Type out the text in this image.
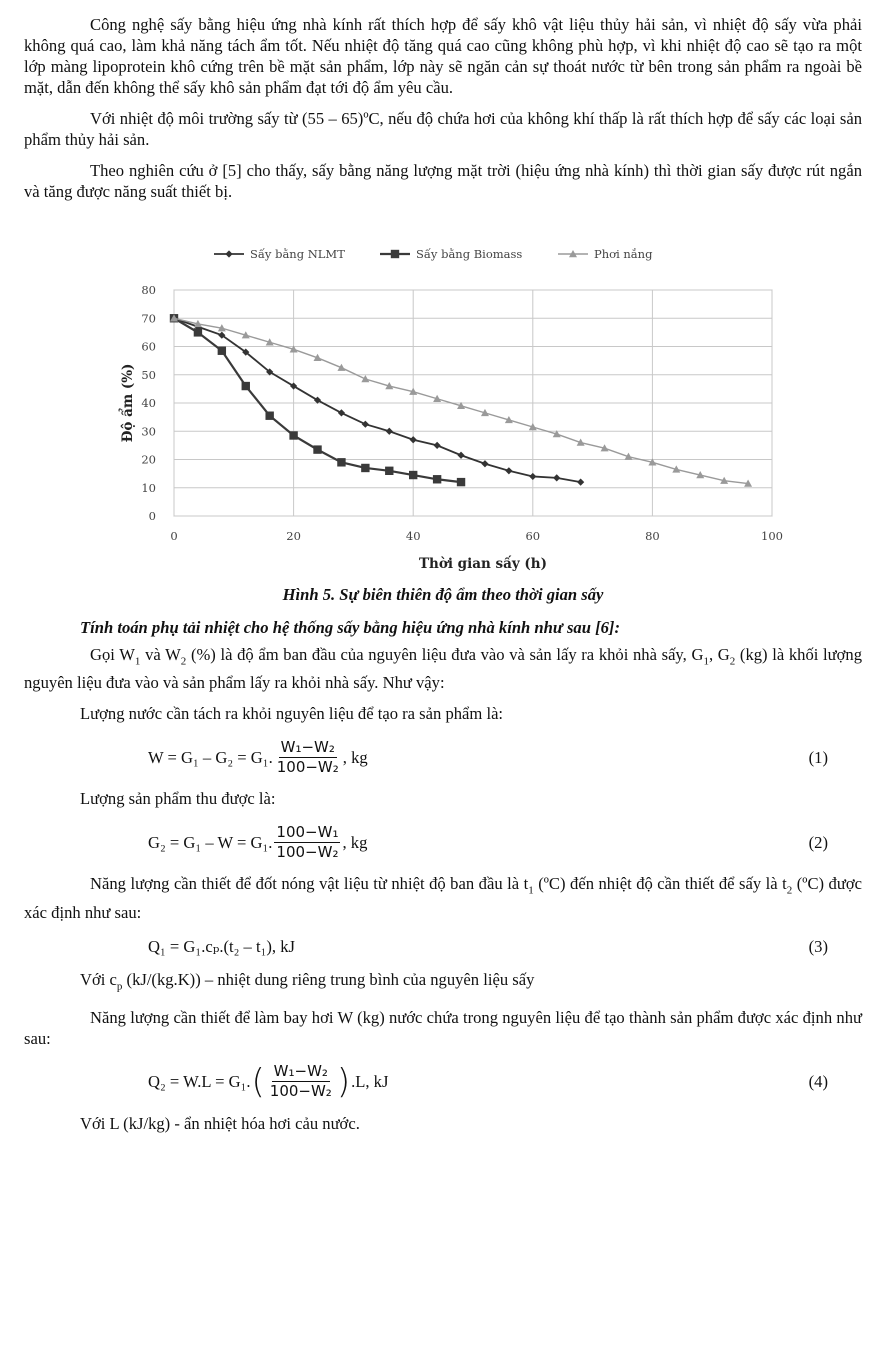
Công nghệ sấy bằng hiệu ứng nhà kính rất thích hợp để sấy khô vật liệu thủy hải sản, vì nhiệt độ sấy vừa phải không quá cao, làm khả năng tách ẩm tốt. Nếu nhiệt độ tăng quá cao cũng không phù hợp, vì khi nhiệt độ cao sẽ tạo ra một lớp màng lipoprotein khô cứng trên bề mặt sản phẩm, lớp này sẽ ngăn cản sự thoát nước từ bên trong sản phẩm ra ngoài bề mặt, dẫn đến không thể sấy khô sản phẩm đạt tới độ ẩm yêu cầu.

Với nhiệt độ môi trường sấy từ (55 – 65)ºC, nếu độ chứa hơi của không khí thấp là rất thích hợp để sấy các loại sản phẩm thủy hải sản.

Theo nghiên cứu ở [5] cho thấy, sấy bằng năng lượng mặt trời (hiệu ứng nhà kính) thì thời gian sấy được rút ngắn và tăng được năng suất thiết bị.

0
10
20
30
40
50
60
70
80
0	20	40	60	80	100
Thời gian sấy (h)
Độ ẩm (%)
Sấy bằng NLMT	Sấy bằng Biomass	Phơi nắng

Hình 5. Sự biên thiên độ ẩm theo thời gian sấy

Tính toán phụ tải nhiệt cho hệ thống sấy bằng hiệu ứng nhà kính như sau [6]:

Gọi $W_1$ và $W_2$ (%) là độ ẩm ban đầu của nguyên liệu đưa vào và sản lấy ra khỏi nhà sấy, $G_1$, $G_2$ (kg) là khối lượng nguyên liệu đưa vào và sản phẩm lấy ra khỏi nhà sấy. Như vậy:

Lượng nước cần tách ra khỏi nguyên liệu để tạo ra sản phẩm là:

W = G₁ – G₂ = G₁. $\frac{\text{W₁−W₂}}{\text{100−W₂}}$ , kg	(1)

Lượng sản phẩm thu được là:

G₂ = G₁ – W = G₁. $\frac{\text{100−W₁}}{\text{100−W₂}}$ , kg	(2)

Năng lượng cần thiết để đốt nóng vật liệu từ nhiệt độ ban đầu là $t_1$ (ºC) đến nhiệt độ cần thiết để sấy là $t_2$ (ºC) được xác định như sau:

Q₁ = G₁.cₚ.(t₂ – t₁), kJ	(3)

Với $c_p$ (kJ/(kg.K)) – nhiệt dung riêng trung bình của nguyên liệu sấy

Năng lượng cần thiết để làm bay hơi W (kg) nước chứa trong nguyên liệu để tạo thành sản phẩm được xác định như sau:

Q₂ = W.L = G₁. ( $\frac{\text{W₁−W₂}}{\text{100−W₂}}$ ) .L, kJ	(4)

Với L (kJ/kg) - ẩn nhiệt hóa hơi cảu nước.
